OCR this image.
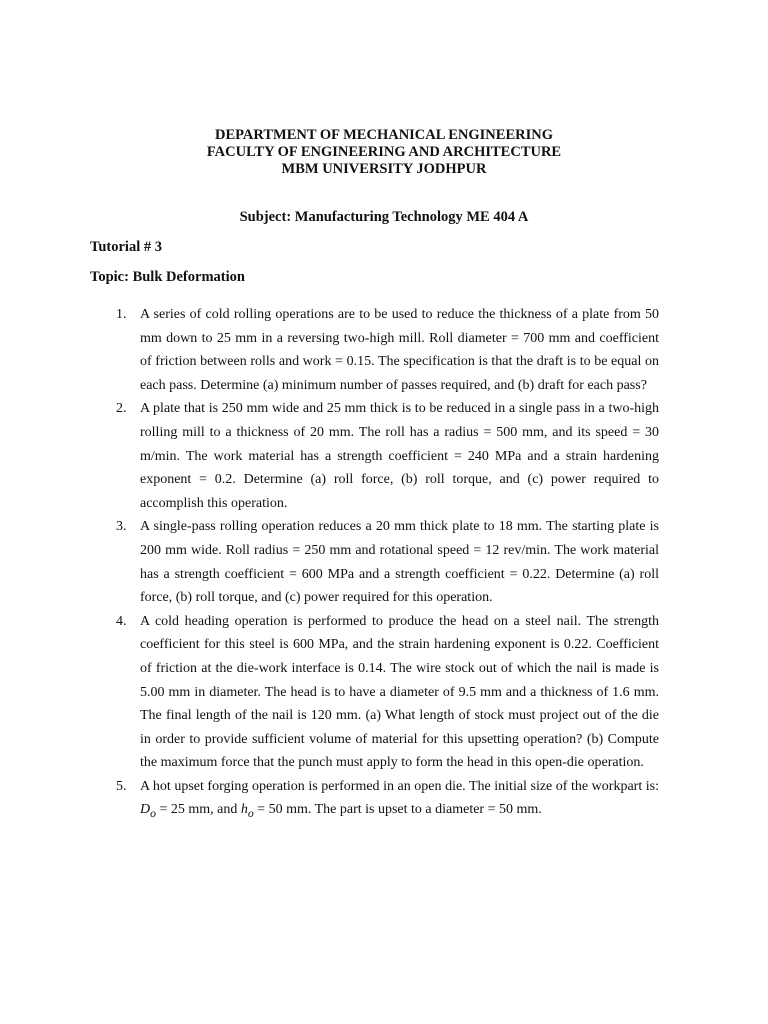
DEPARTMENT OF MECHANICAL ENGINEERING
FACULTY OF ENGINEERING AND ARCHITECTURE
MBM UNIVERSITY JODHPUR
Subject: Manufacturing Technology ME 404 A
Tutorial # 3
Topic: Bulk Deformation
1. A series of cold rolling operations are to be used to reduce the thickness of a plate from 50 mm down to 25 mm in a reversing two-high mill. Roll diameter = 700 mm and coefficient of friction between rolls and work = 0.15. The specification is that the draft is to be equal on each pass. Determine (a) minimum number of passes required, and (b) draft for each pass?
2. A plate that is 250 mm wide and 25 mm thick is to be reduced in a single pass in a two-high rolling mill to a thickness of 20 mm. The roll has a radius = 500 mm, and its speed = 30 m/min. The work material has a strength coefficient = 240 MPa and a strain hardening exponent = 0.2. Determine (a) roll force, (b) roll torque, and (c) power required to accomplish this operation.
3. A single-pass rolling operation reduces a 20 mm thick plate to 18 mm. The starting plate is 200 mm wide. Roll radius = 250 mm and rotational speed = 12 rev/min. The work material has a strength coefficient = 600 MPa and a strength coefficient = 0.22. Determine (a) roll force, (b) roll torque, and (c) power required for this operation.
4. A cold heading operation is performed to produce the head on a steel nail. The strength coefficient for this steel is 600 MPa, and the strain hardening exponent is 0.22. Coefficient of friction at the die-work interface is 0.14. The wire stock out of which the nail is made is 5.00 mm in diameter. The head is to have a diameter of 9.5 mm and a thickness of 1.6 mm. The final length of the nail is 120 mm. (a) What length of stock must project out of the die in order to provide sufficient volume of material for this upsetting operation? (b) Compute the maximum force that the punch must apply to form the head in this open-die operation.
5. A hot upset forging operation is performed in an open die. The initial size of the workpart is: $D_o = 25$ mm, and $h_o = 50$ mm. The part is upset to a diameter = 50 mm.
